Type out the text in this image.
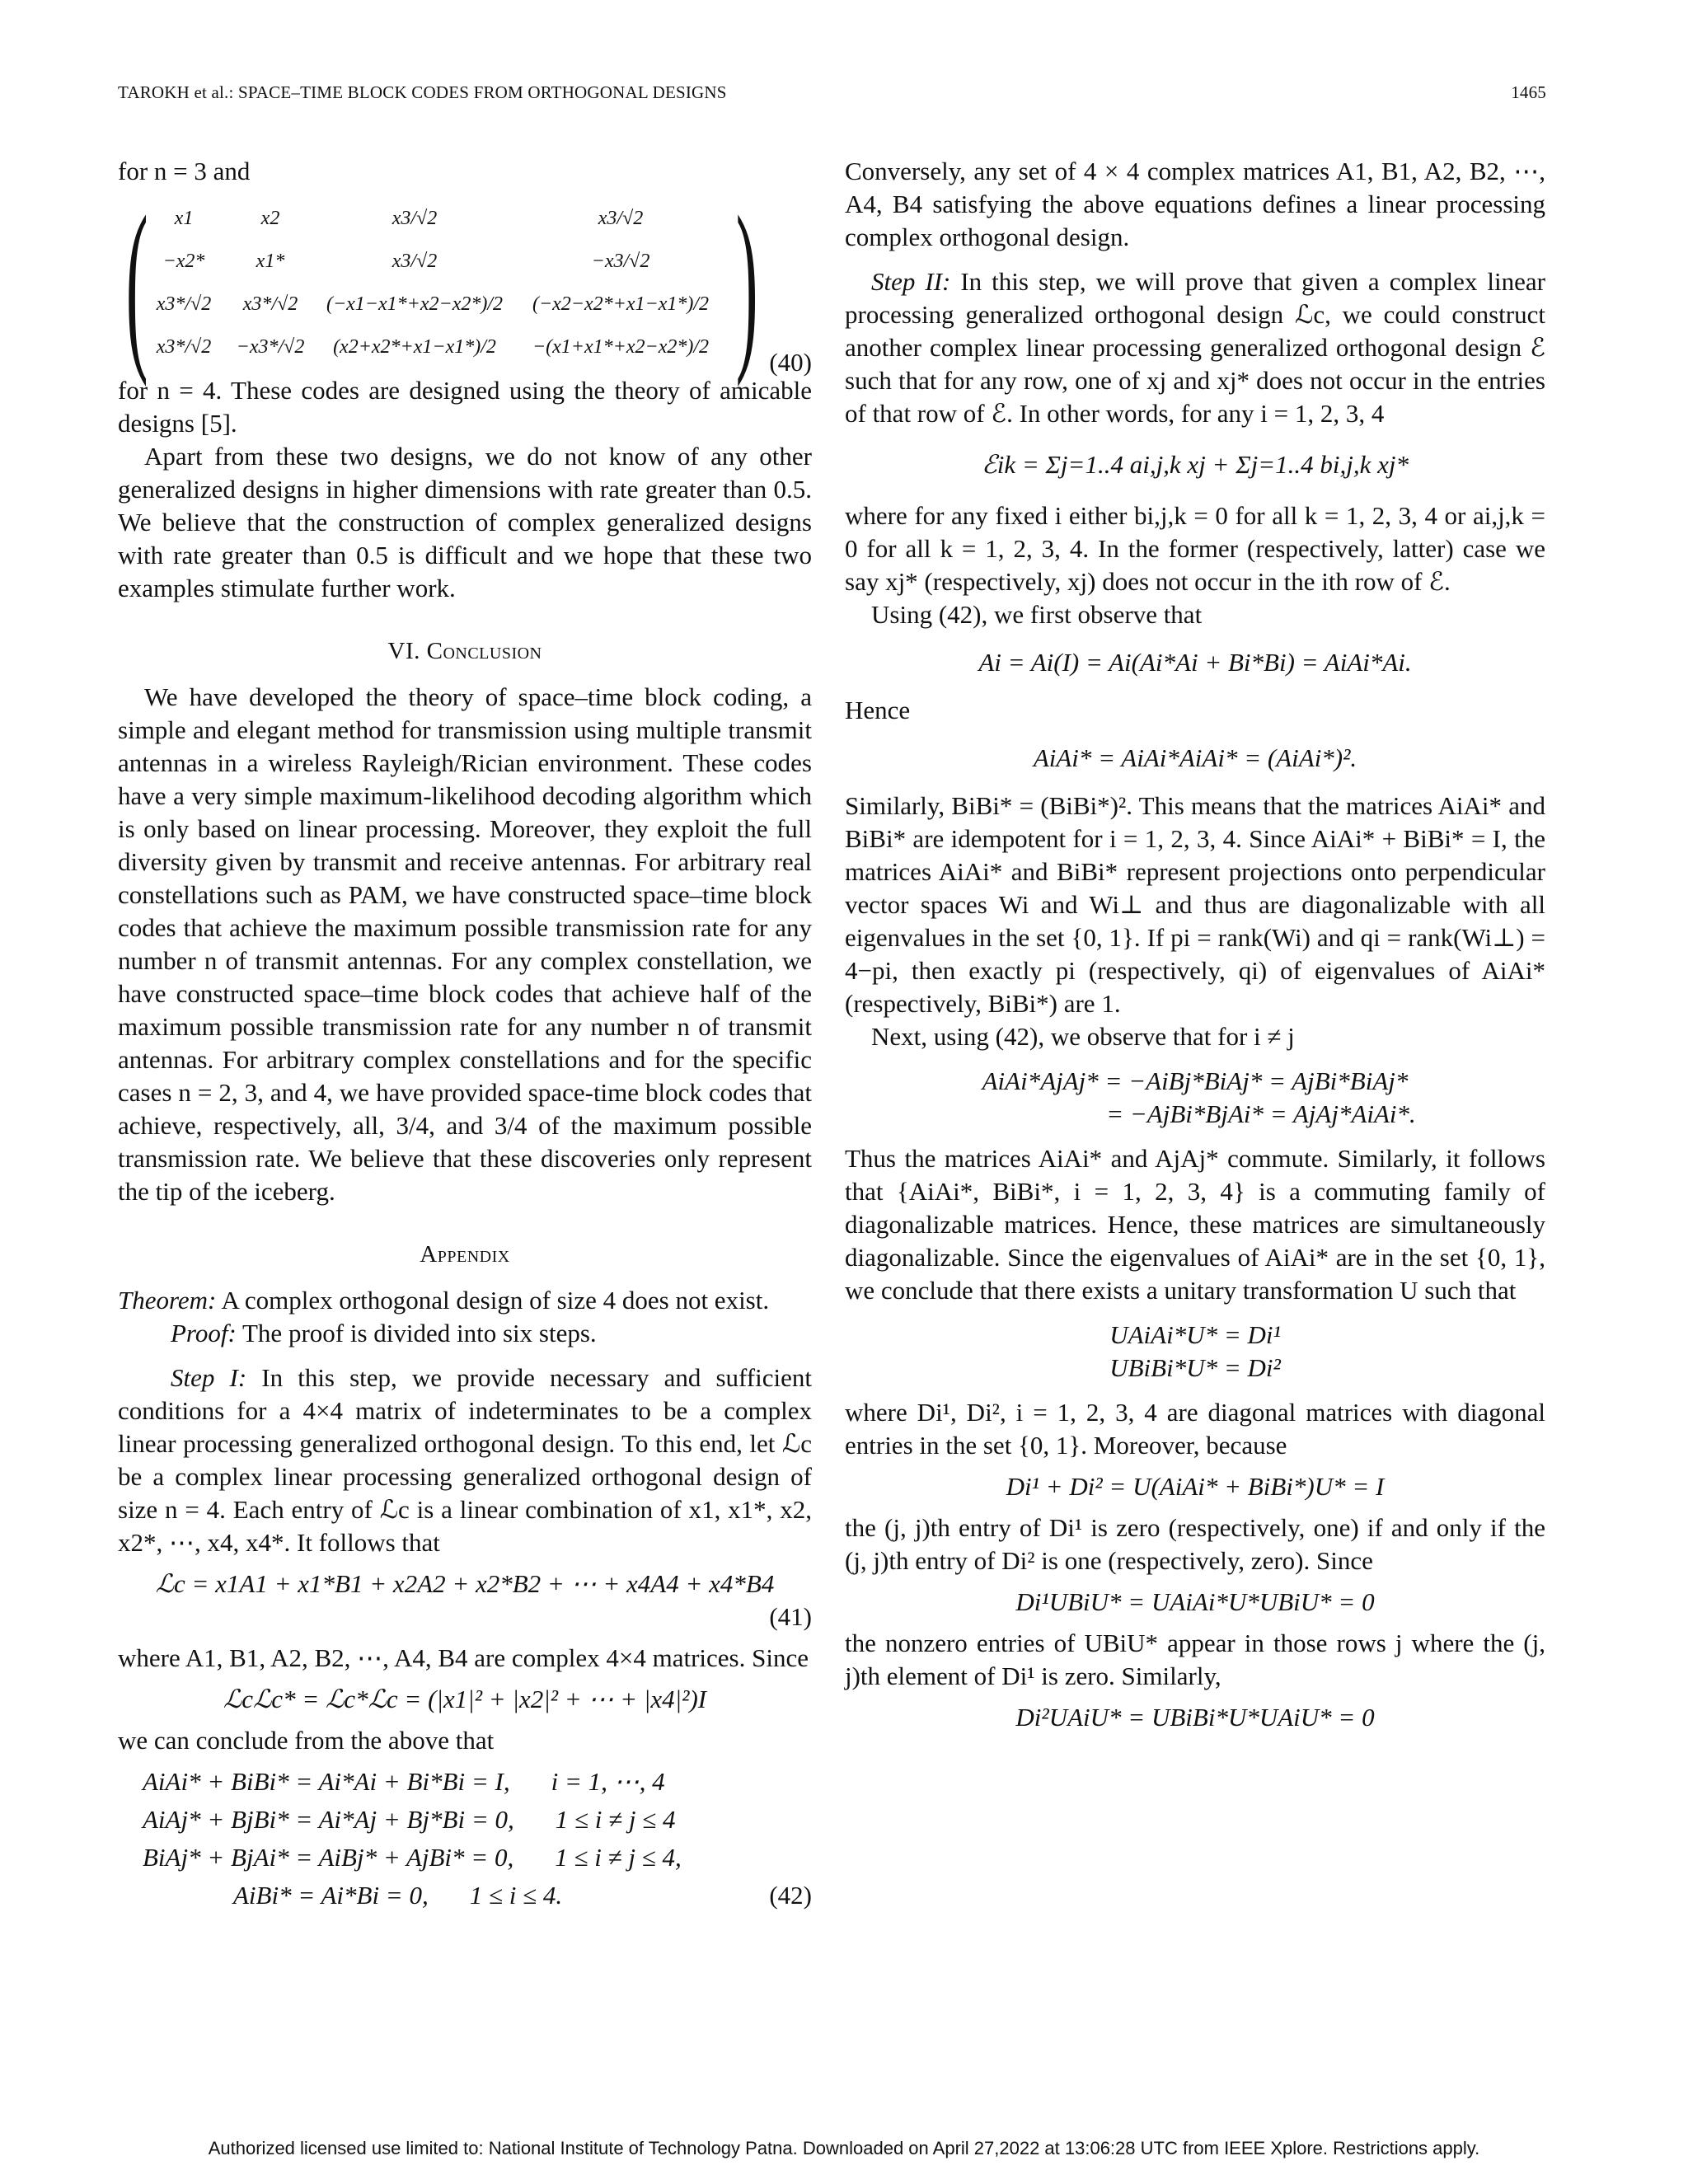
TAROKH et al.: SPACE–TIME BLOCK CODES FROM ORTHOGONAL DESIGNS	1465

for n = 3 and

(	x1	x2	x3/√2	x3/√2
−x2*	x1*	x3/√2	−x3/√2
x3*/√2	x3*/√2	(−x1−x1*+x2−x2*)/2	(−x2−x2*+x1−x1*)/2
x3*/√2	−x3*/√2	(x2+x2*+x1−x1*)/2	−(x1+x1*+x2−x2*)/2 ) (40)

for n = 4. These codes are designed using the theory of amicable designs [5].

Apart from these two designs, we do not know of any other generalized designs in higher dimensions with rate greater than 0.5. We believe that the construction of complex generalized designs with rate greater than 0.5 is difficult and we hope that these two examples stimulate further work.

VI. Conclusion

We have developed the theory of space–time block coding, a simple and elegant method for transmission using multiple transmit antennas in a wireless Rayleigh/Rician environment. These codes have a very simple maximum-likelihood decoding algorithm which is only based on linear processing. Moreover, they exploit the full diversity given by transmit and receive antennas. For arbitrary real constellations such as PAM, we have constructed space–time block codes that achieve the maximum possible transmission rate for any number n of transmit antennas. For any complex constellation, we have constructed space–time block codes that achieve half of the maximum possible transmission rate for any number n of transmit antennas. For arbitrary complex constellations and for the specific cases n = 2, 3, and 4, we have provided space-time block codes that achieve, respectively, all, 3/4, and 3/4 of the maximum possible transmission rate. We believe that these discoveries only represent the tip of the iceberg.

Appendix

Theorem: A complex orthogonal design of size 4 does not exist.

Proof: The proof is divided into six steps.

Step I: In this step, we provide necessary and sufficient conditions for a 4×4 matrix of indeterminates to be a complex linear processing generalized orthogonal design. To this end, let ℒc be a complex linear processing generalized orthogonal design of size n = 4. Each entry of ℒc is a linear combination of x1, x1*, x2, x2*, ⋯, x4, x4*. It follows that

ℒc = x1A1 + x1*B1 + x2A2 + x2*B2 + ⋯ + x4A4 + x4*B4

(41)

where A1, B1, A2, B2, ⋯, A4, B4 are complex 4×4 matrices. Since

ℒcℒc* = ℒc*ℒc = (|x1|² + |x2|² + ⋯ + |x4|²)I

we can conclude from the above that

AiAi* + BiBi* = Ai*Ai + Bi*Bi = I, i = 1, ⋯, 4
AiAj* + BjBi* = Ai*Aj + Bj*Bi = 0, 1 ≤ i ≠ j ≤ 4
BiAj* + BjAi* = AiBj* + AjBi* = 0, 1 ≤ i ≠ j ≤ 4,
AiBi* = Ai*Bi = 0, 1 ≤ i ≤ 4.	(42)

Conversely, any set of 4 × 4 complex matrices A1, B1, A2, B2, ⋯, A4, B4 satisfying the above equations defines a linear processing complex orthogonal design.

Step II: In this step, we will prove that given a complex linear processing generalized orthogonal design ℒc, we could construct another complex linear processing generalized orthogonal design ℰ such that for any row, one of xj and xj* does not occur in the entries of that row of ℰ. In other words, for any i = 1, 2, 3, 4

ℰik = Σj=1..4 ai,j,k xj + Σj=1..4 bi,j,k xj*

where for any fixed i either bi,j,k = 0 for all k = 1, 2, 3, 4 or ai,j,k = 0 for all k = 1, 2, 3, 4. In the former (respectively, latter) case we say xj* (respectively, xj) does not occur in the ith row of ℰ.

Using (42), we first observe that

Ai = Ai(I) = Ai(Ai*Ai + Bi*Bi) = AiAi*Ai.

Hence

AiAi* = AiAi*AiAi* = (AiAi*)².

Similarly, BiBi* = (BiBi*)². This means that the matrices AiAi* and BiBi* are idempotent for i = 1, 2, 3, 4. Since AiAi* + BiBi* = I, the matrices AiAi* and BiBi* represent projections onto perpendicular vector spaces Wi and Wi⊥ and thus are diagonalizable with all eigenvalues in the set {0, 1}. If pi = rank(Wi) and qi = rank(Wi⊥) = 4−pi, then exactly pi (respectively, qi) of eigenvalues of AiAi* (respectively, BiBi*) are 1.

Next, using (42), we observe that for i ≠ j

AiAi*AjAj* = −AiBj*BiAj* = AjBi*BiAj*
= −AjBi*BjAi* = AjAj*AiAi*.

Thus the matrices AiAi* and AjAj* commute. Similarly, it follows that {AiAi*, BiBi*, i = 1, 2, 3, 4} is a commuting family of diagonalizable matrices. Hence, these matrices are simultaneously diagonalizable. Since the eigenvalues of AiAi* are in the set {0, 1}, we conclude that there exists a unitary transformation U such that

UAiAi*U* = Di¹
UBiBi*U* = Di²

where Di¹, Di², i = 1, 2, 3, 4 are diagonal matrices with diagonal entries in the set {0, 1}. Moreover, because

Di¹ + Di² = U(AiAi* + BiBi*)U* = I

the (j, j)th entry of Di¹ is zero (respectively, one) if and only if the (j, j)th entry of Di² is one (respectively, zero). Since

Di¹UBiU* = UAiAi*U*UBiU* = 0

the nonzero entries of UBiU* appear in those rows j where the (j, j)th element of Di¹ is zero. Similarly,

Di²UAiU* = UBiBi*U*UAiU* = 0
Authorized licensed use limited to: National Institute of Technology Patna. Downloaded on April 27,2022 at 13:06:28 UTC from IEEE Xplore. Restrictions apply.
